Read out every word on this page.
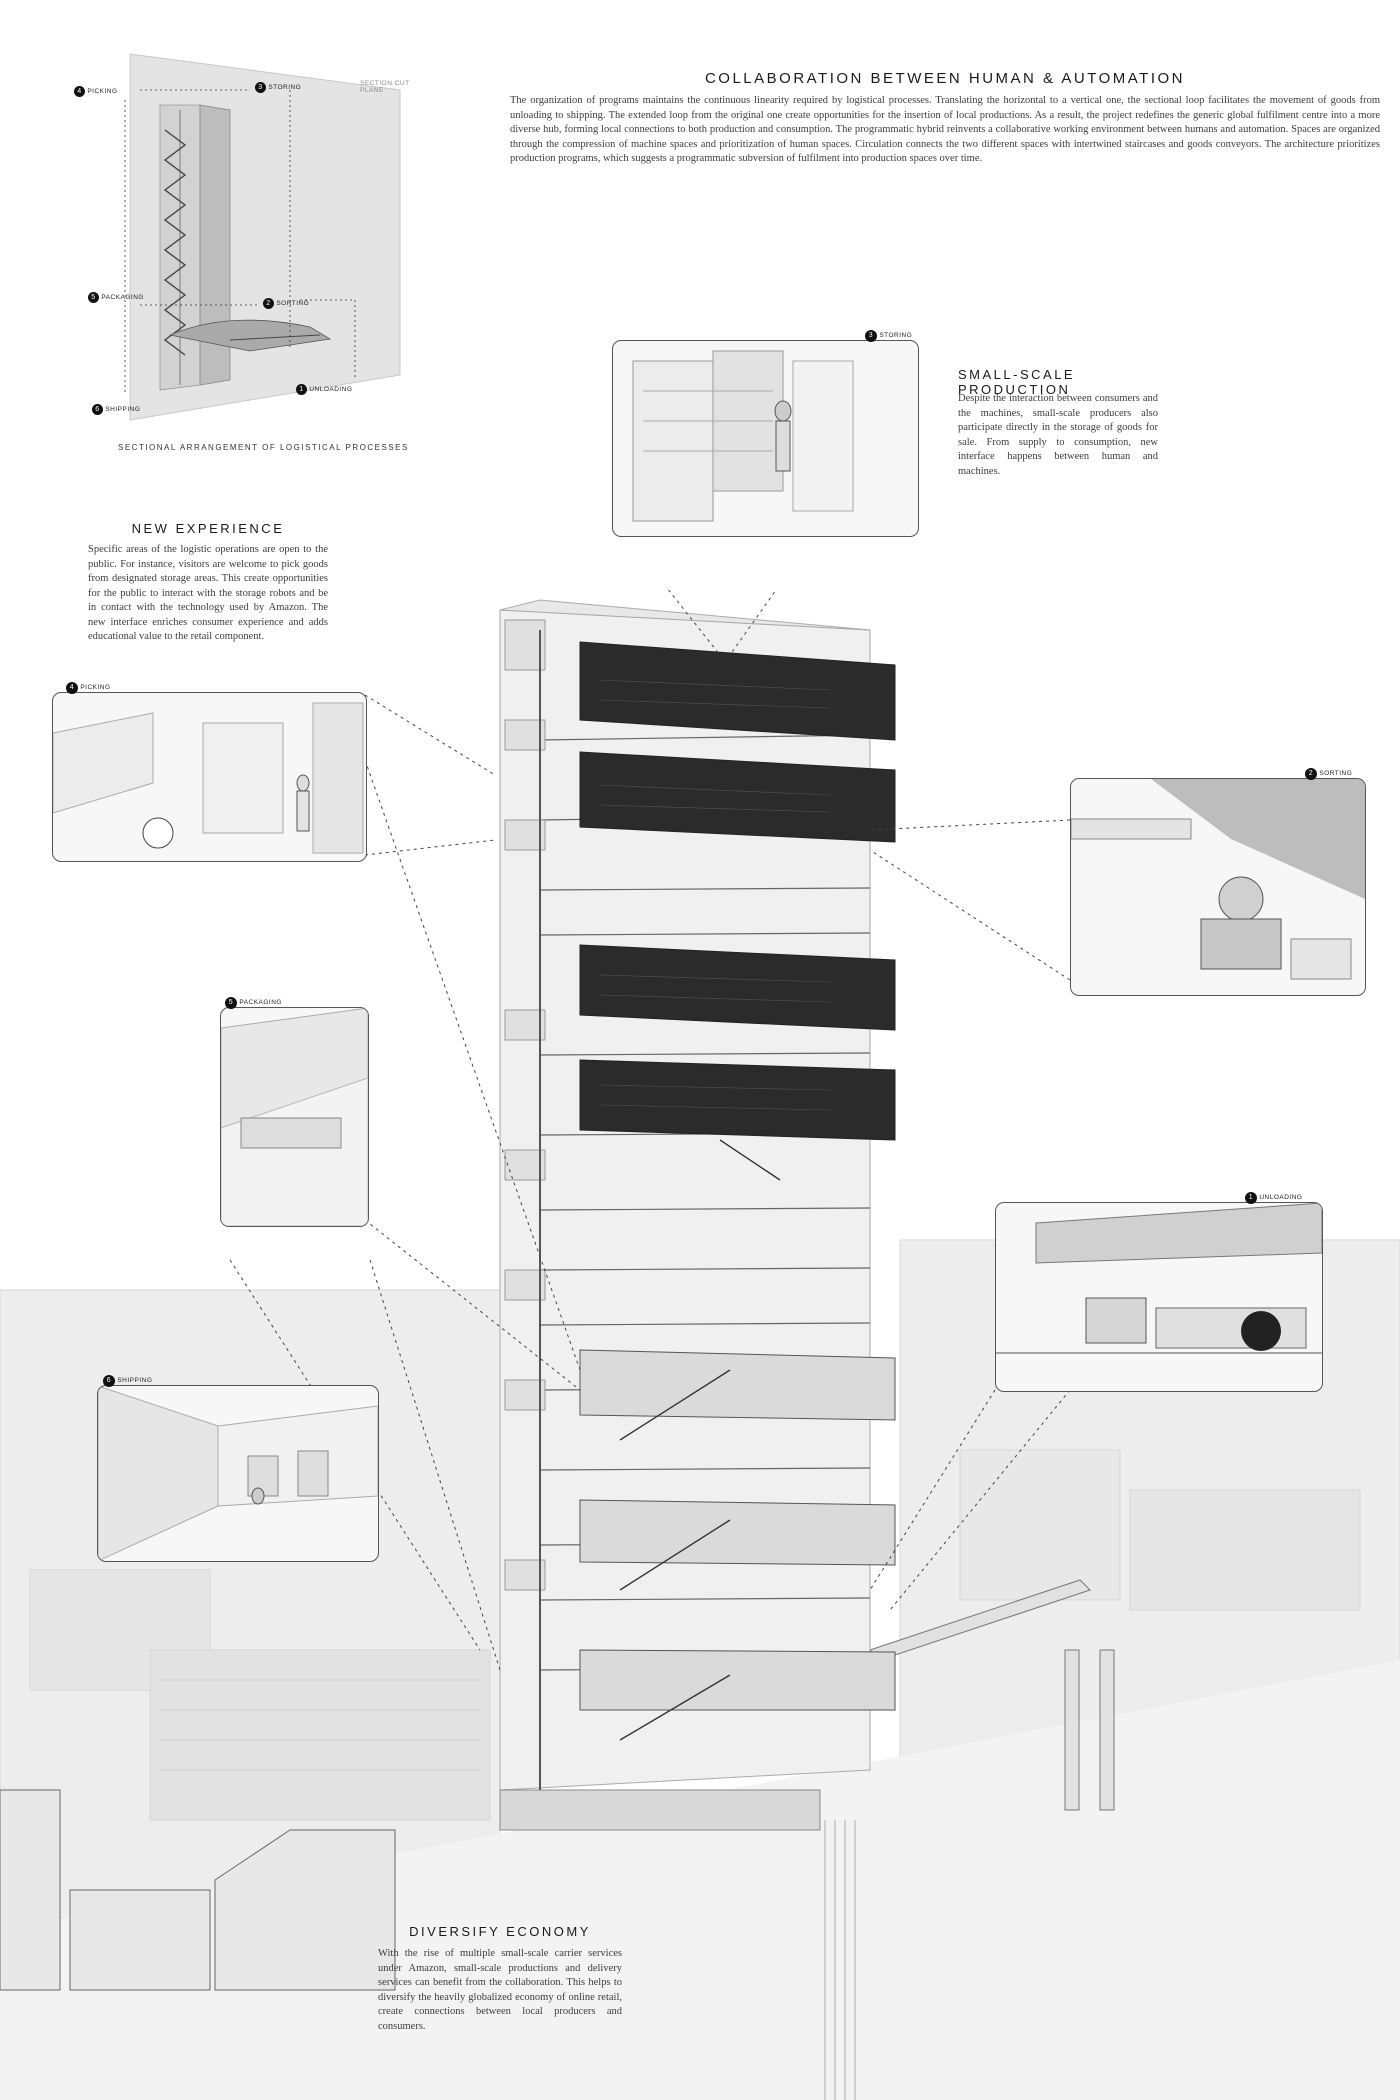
SECTION CUT PLANE
4 PICKING
3 STORING
5 PACKAGING
2 SORTING
1 UNLOADING
6 SHIPPING
SECTIONAL ARRANGEMENT OF LOGISTICAL PROCESSES
COLLABORATION BETWEEN HUMAN & AUTOMATION
The organization of programs maintains the continuous linearity required by logistical processes. Translating the horizontal to a vertical one, the sectional loop facilitates the movement of goods from unloading to shipping. The extended loop from the original one create opportunities for the insertion of local productions. As a result, the project redefines the generic global fulfilment centre into a more diverse hub, forming local connections to both production and consumption. The programmatic hybrid reinvents a collaborative working environment between humans and automation. Spaces are organized through the compression of machine spaces and prioritization of human spaces. Circulation connects the two different spaces with intertwined staircases and goods conveyors. The architecture prioritizes production programs, which suggests a programmatic subversion of fulfilment into production spaces over time.
SMALL-SCALE PRODUCTION
Despite the interaction between consumers and the machines, small-scale producers also participate directly in the storage of goods for sale. From supply to consumption, new interface happens between human and machines.
NEW EXPERIENCE
Specific areas of the logistic operations are open to the public. For instance, visitors are welcome to pick goods from designated storage areas. This create opportunities for the public to interact with the storage robots and be in contact with the technology used by Amazon. The new interface enriches consumer experience and adds educational value to the retail component.
3 STORING
4 PICKING
2 SORTING
5 PACKAGING
1 UNLOADING
6 SHIPPING
DIVERSIFY ECONOMY
With the rise of multiple small-scale carrier services under Amazon, small-scale productions and delivery services can benefit from the collaboration. This helps to diversify the heavily globalized economy of online retail, create connections between local producers and consumers.
